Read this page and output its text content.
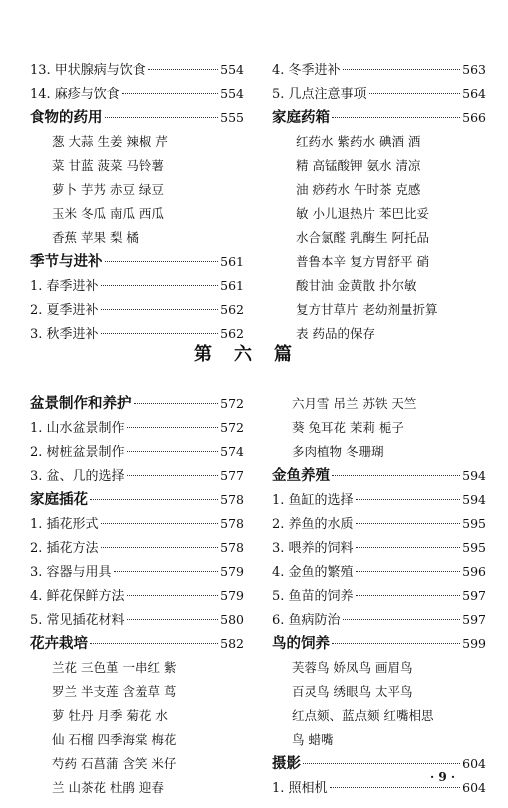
13. 甲状腺病与饮食	554
14. 麻疹与饮食	554
食物的药用	555
葱 大蒜 生姜 辣椒 芹
菜 甘蓝 菠菜 马铃薯
萝卜 芋艿 赤豆 绿豆
玉米 冬瓜 南瓜 西瓜
香蕉 苹果 梨 橘
季节与进补	561
1. 春季进补	561
2. 夏季进补	562
3. 秋季进补	562
4. 冬季进补	563
5. 几点注意事项	564
家庭药箱	566
红药水 紫药水 碘酒 酒
精 高锰酸钾 氨水 清凉
油 痧药水 午时茶 克感
敏 小儿退热片 苯巴比妥
水合氯醛 乳酶生 阿托品
普鲁本辛 复方胃舒平 硝
酸甘油 金黄散 扑尔敏
复方甘草片 老幼剂量折算
表 药品的保存
第六篇
盆景制作和养护	572
1. 山水盆景制作	572
2. 树桩盆景制作	574
3. 盆、几的选择	577
家庭插花	578
1. 插花形式	578
2. 插花方法	578
3. 容器与用具	579
4. 鲜花保鲜方法	579
5. 常见插花材料	580
花卉栽培	582
兰花 三色堇 一串红 紫
罗兰 半支莲 含羞草 茑
萝 牡丹 月季 菊花 水
仙 石榴 四季海棠 梅花
芍药 石菖蒲 含笑 米仔
兰 山茶花 杜鹃 迎春
六月雪 吊兰 苏铁 天竺
葵 兔耳花 茉莉 栀子
多肉植物 冬珊瑚
金鱼养殖	594
1. 鱼缸的选择	594
2. 养鱼的水质	595
3. 喂养的饲料	595
4. 金鱼的繁殖	596
5. 鱼苗的饲养	597
6. 鱼病防治	597
鸟的饲养	599
芙蓉鸟 娇凤鸟 画眉鸟
百灵鸟 绣眼鸟 太平鸟
红点颏、蓝点颏 红嘴相思
鸟 蜡嘴
摄影	604
1. 照相机	604
· 9 ·
